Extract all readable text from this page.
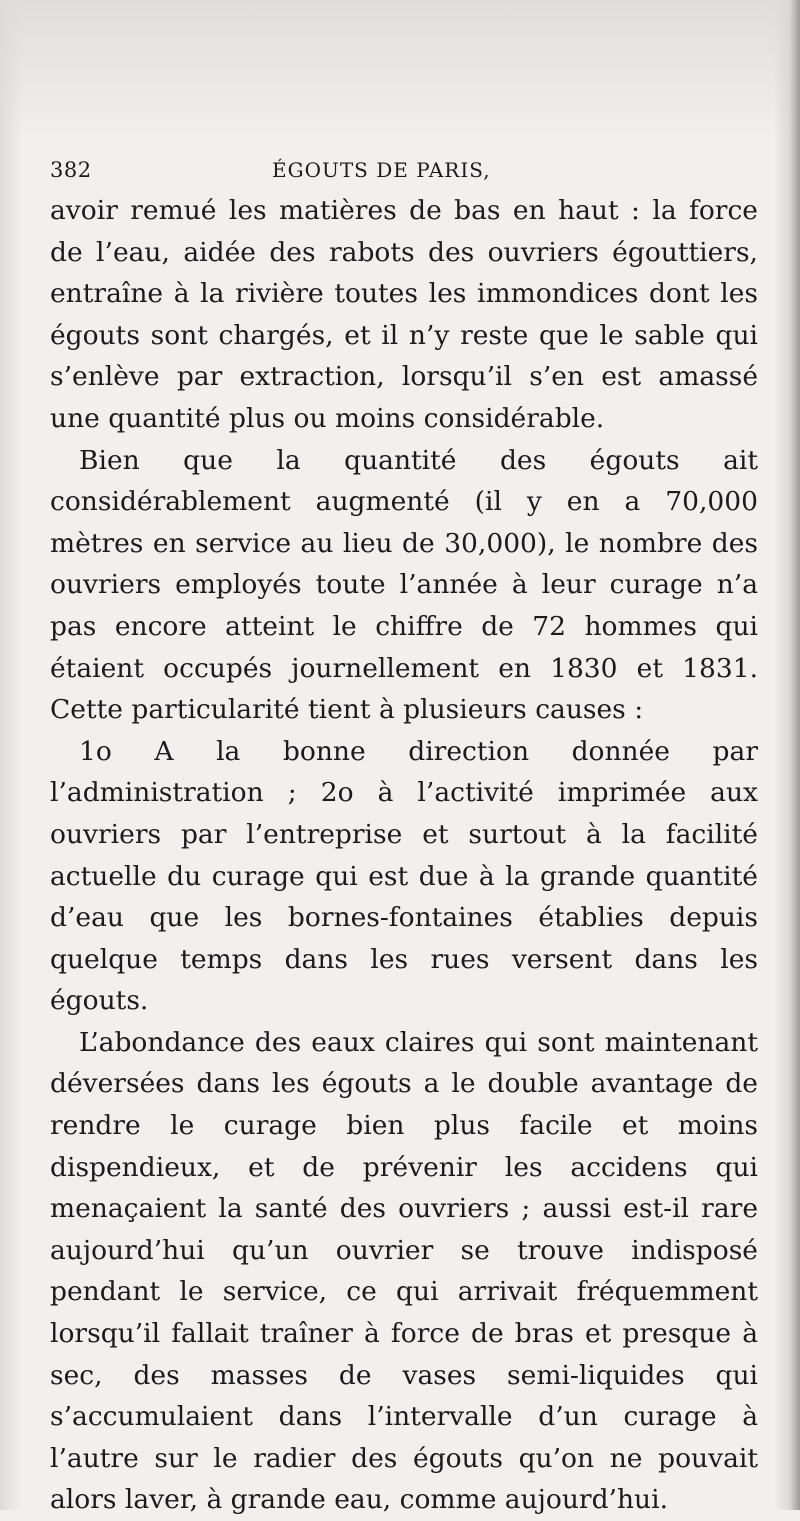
382	ÉGOUTS DE PARIS,

avoir remué les matières de bas en haut : la force de l’eau, aidée des rabots des ouvriers égouttiers, entraîne à la rivière toutes les immondices dont les égouts sont chargés, et il n’y reste que le sable qui s’enlève par extraction, lorsqu’il s’en est amassé une quantité plus ou moins considérable.

Bien que la quantité des égouts ait considérablement augmenté (il y en a 70,000 mètres en service au lieu de 30,000), le nombre des ouvriers employés toute l’année à leur curage n’a pas encore atteint le chiffre de 72 hommes qui étaient occupés journellement en 1830 et 1831. Cette particularité tient à plusieurs causes :

1o A la bonne direction donnée par l’administration ; 2o à l’activité imprimée aux ouvriers par l’entreprise et surtout à la facilité actuelle du curage qui est due à la grande quantité d’eau que les bornes-fontaines établies depuis quelque temps dans les rues versent dans les égouts.

L’abondance des eaux claires qui sont maintenant déversées dans les égouts a le double avantage de rendre le curage bien plus facile et moins dispendieux, et de prévenir les accidens qui menaçaient la santé des ouvriers ; aussi est-il rare aujourd’hui qu’un ouvrier se trouve indisposé pendant le service, ce qui arrivait fréquemment lorsqu’il fallait traîner à force de bras et presque à sec, des masses de vases semi-liquides qui s’accumulaient dans l’intervalle d’un curage à l’autre sur le radier des égouts qu’on ne pouvait alors laver, à grande eau, comme aujourd’hui.
